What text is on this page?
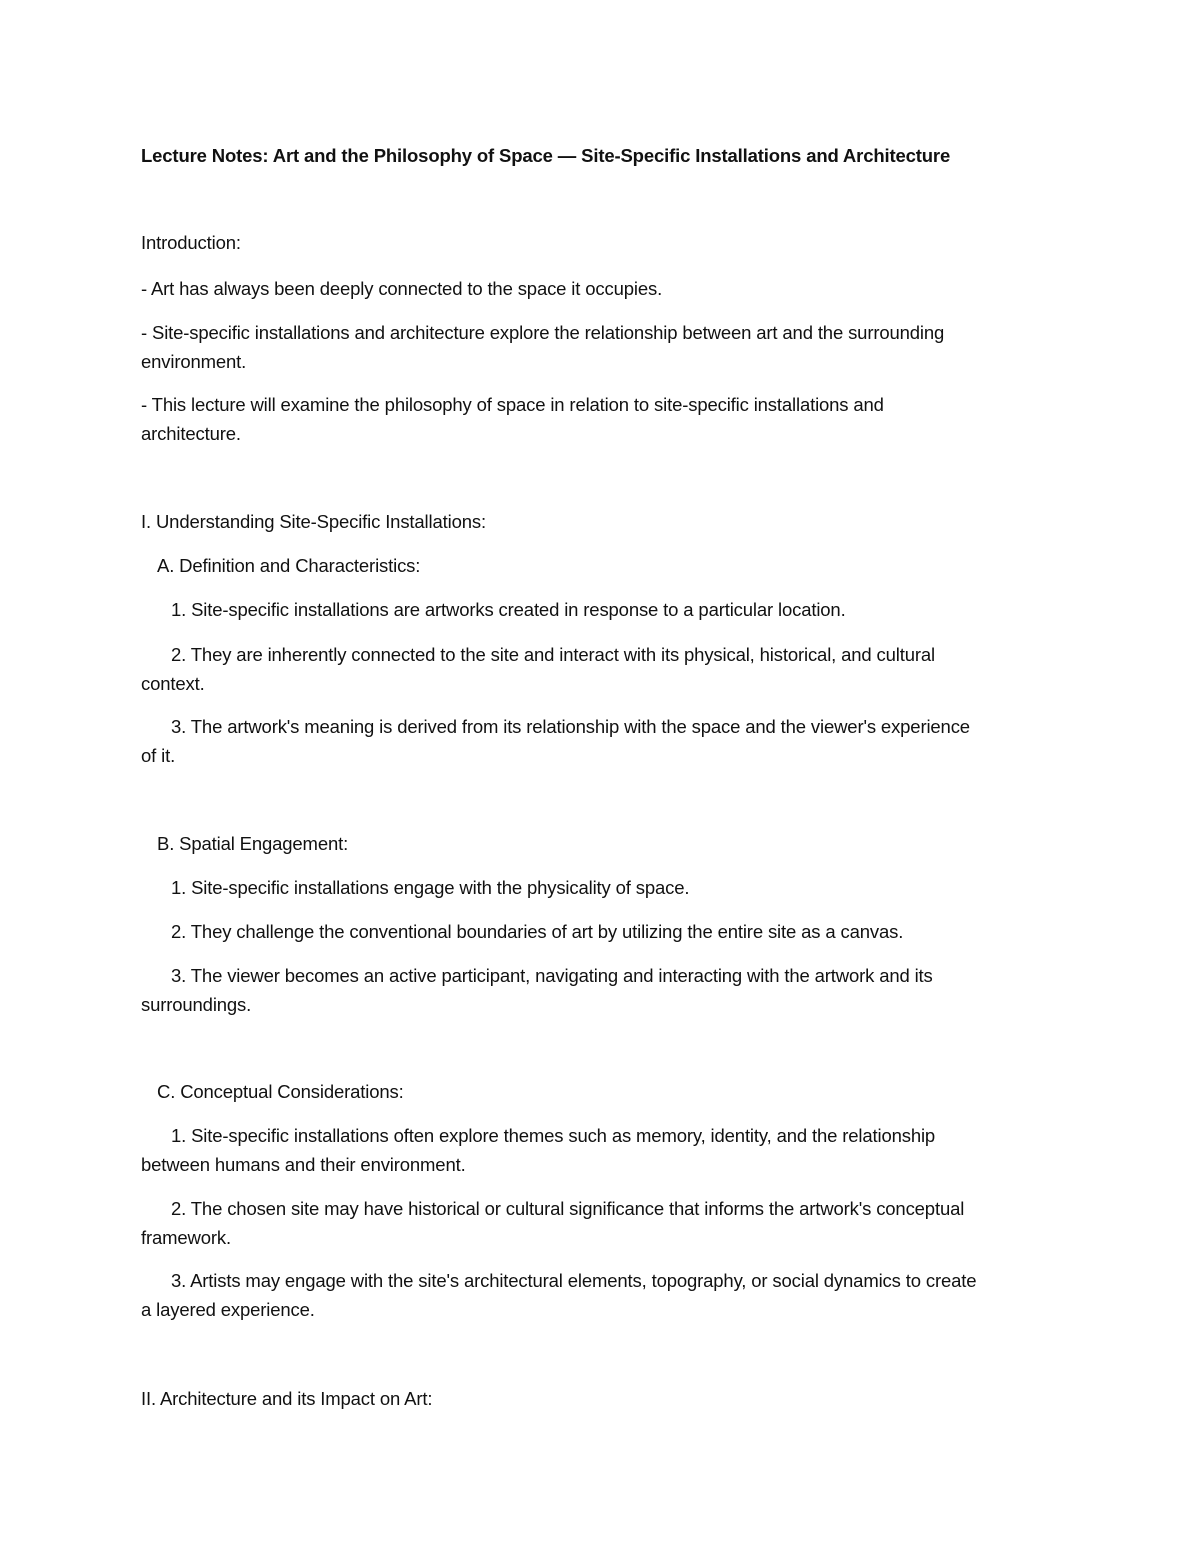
Lecture Notes: Art and the Philosophy of Space — Site-Specific Installations and Architecture
Introduction:
- Art has always been deeply connected to the space it occupies.
- Site-specific installations and architecture explore the relationship between art and the surrounding
environment.
- This lecture will examine the philosophy of space in relation to site-specific installations and
architecture.
I. Understanding Site-Specific Installations:
A. Definition and Characteristics:
1. Site-specific installations are artworks created in response to a particular location.
2. They are inherently connected to the site and interact with its physical, historical, and cultural
context.
3. The artwork's meaning is derived from its relationship with the space and the viewer's experience
of it.
B. Spatial Engagement:
1. Site-specific installations engage with the physicality of space.
2. They challenge the conventional boundaries of art by utilizing the entire site as a canvas.
3. The viewer becomes an active participant, navigating and interacting with the artwork and its
surroundings.
C. Conceptual Considerations:
1. Site-specific installations often explore themes such as memory, identity, and the relationship
between humans and their environment.
2. The chosen site may have historical or cultural significance that informs the artwork's conceptual
framework.
3. Artists may engage with the site's architectural elements, topography, or social dynamics to create
a layered experience.
II. Architecture and its Impact on Art:
